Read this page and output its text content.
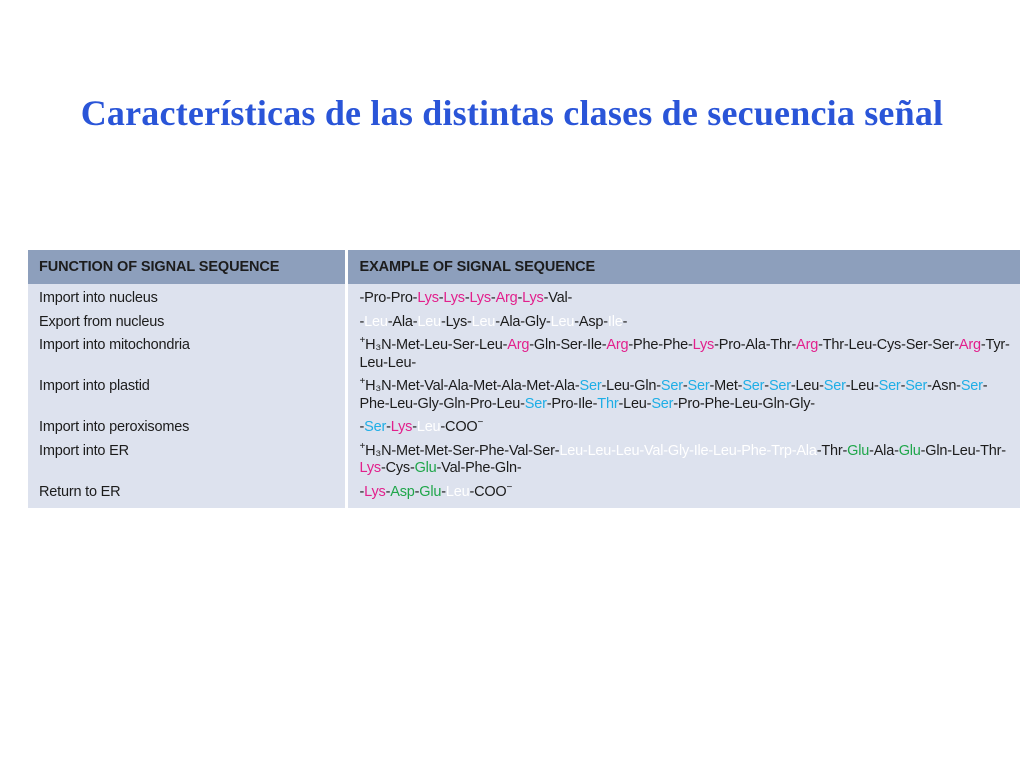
Características de las distintas clases de secuencia señal
FUNCTION OF SIGNAL SEQUENCE	EXAMPLE OF SIGNAL SEQUENCE
Import into nucleus	-Pro-Pro-Lys-Lys-Lys-Arg-Lys-Val-
Export from nucleus	-Leu-Ala-Leu-Lys-Leu-Ala-Gly-Leu-Asp-Ile-
Import into mitochondria	+H₃N-Met-Leu-Ser-Leu-Arg-Gln-Ser-Ile-Arg-Phe-Phe-Lys-Pro-Ala-Thr-Arg-Thr-Leu-Cys-Ser-Ser-Arg-Tyr-Leu-Leu-
Import into plastid	+H₃N-Met-Val-Ala-Met-Ala-Met-Ala-Ser-Leu-Gln-Ser-Ser-Met-Ser-Ser-Leu-Ser-Leu-Ser-Ser-Asn-Ser-Phe-Leu-Gly-Gln-Pro-Leu-Ser-Pro-Ile-Thr-Leu-Ser-Pro-Phe-Leu-Gln-Gly-
Import into peroxisomes	-Ser-Lys-Leu-COO−
Import into ER	+H₃N-Met-Met-Ser-Phe-Val-Ser-Leu-Leu-Leu-Val-Gly-Ile-Leu-Phe-Trp-Ala-Thr-Glu-Ala-Glu-Gln-Leu-Thr-Lys-Cys-Glu-Val-Phe-Gln-
Return to ER	-Lys-Asp-Glu-Leu-COO−
